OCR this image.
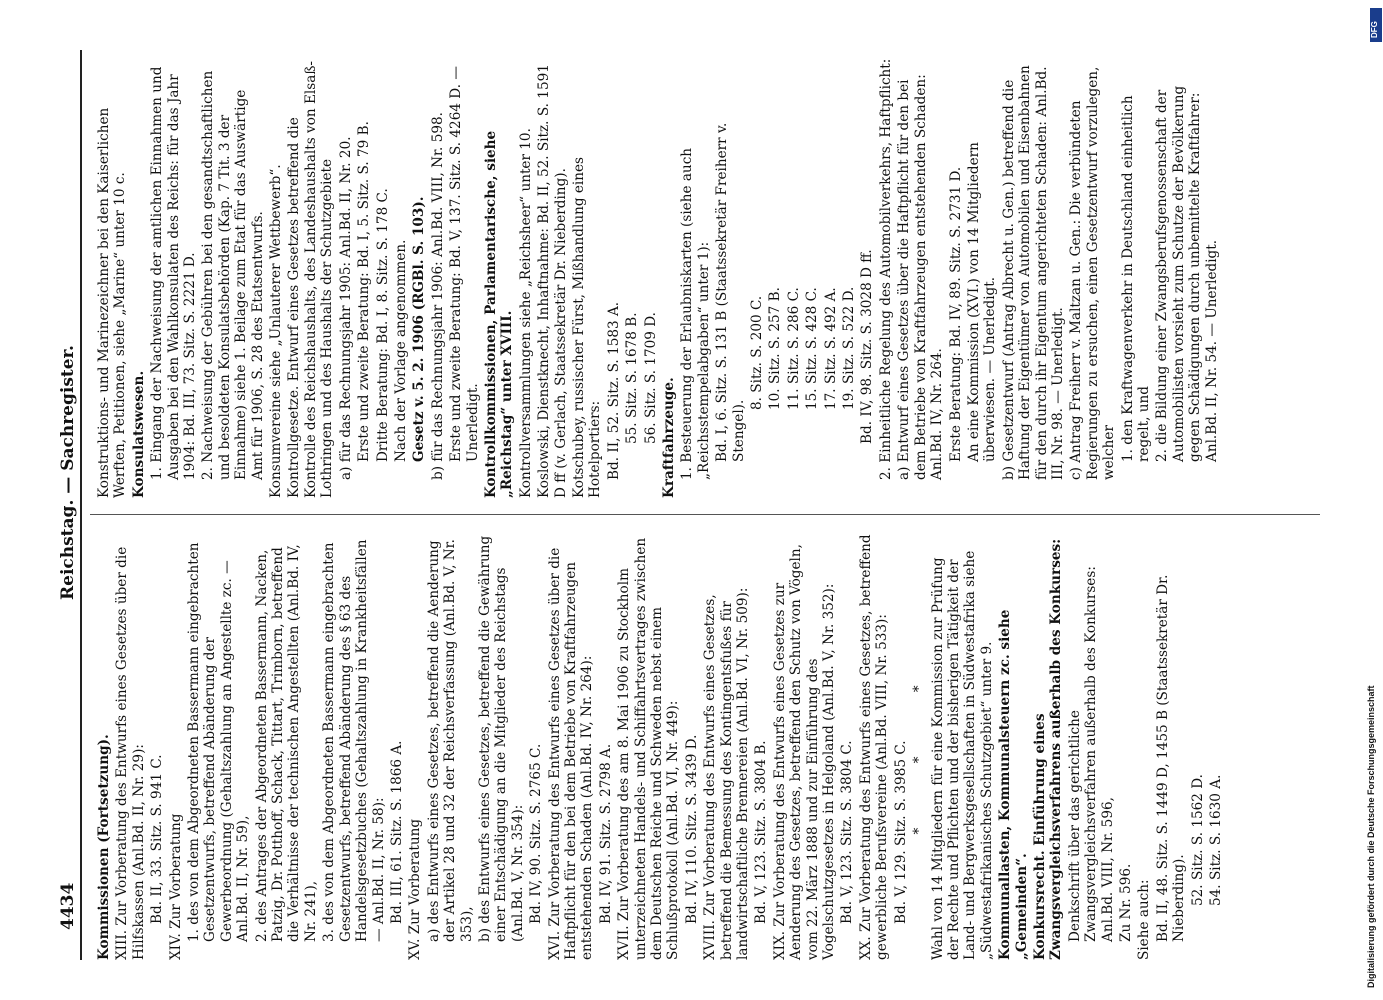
4434
Reichstag. — Sachregister.

Kommissionen (Fortsetzung). XIII. Zur Vorberatung des Entwurfs eines Gesetzes über die Hilfskassen (Anl.Bd. II, Nr. 29): Bd. II, 33. Sitz. S. 941 C. XIV. Zur Vorberatung 1. des von dem Abgeordneten Bassermann eingebrachten Gesetzentwurfs, betreffend Abänderung der Gewerbeordnung (Gehaltszahlung an Angestellte zc. — Anl.Bd. II, Nr. 59), 2. des Antrages der Abgeordneten Bassermann, Nacken, Patzig, Dr. Potthoff, Schack, Tittart, Trimborn, betreffend die Verhältnisse der technischen Angestellten (Anl.Bd. IV, Nr. 241), 3. des von dem Abgeordneten Bassermann eingebrachten Gesetzentwurfs, betreffend Abänderung des § 63 des Handelsgesetzbuches (Gehaltszahlung in Krankheitsfällen — Anl.Bd. II, Nr. 58): Bd. III, 61. Sitz. S. 1866 A. XV. Zur Vorberatung a) des Entwurfs eines Gesetzes, betreffend die Aenderung der Artikel 28 und 32 der Reichsverfassung (Anl.Bd. V, Nr. 353), b) des Entwurfs eines Gesetzes, betreffend die Gewährung einer Entschädigung an die Mitglieder des Reichstags (Anl.Bd. V, Nr. 354): Bd. IV, 90. Sitz. S. 2765 C. XVI. Zur Vorberatung des Entwurfs eines Gesetzes über die Haftpflicht für den bei dem Betriebe von Kraftfahrzeugen entstehenden Schaden (Anl.Bd. IV, Nr. 264): Bd. IV, 91. Sitz. S. 2798 A. XVII. Zur Vorberatung des am 8. Mai 1906 zu Stockholm unterzeichneten Handels- und Schiffahrtsvertrages zwischen dem Deutschen Reiche und Schweden nebst einem Schlußprotokoll (Anl.Bd. VI, Nr. 449): Bd. IV, 110. Sitz. S. 3439 D. XVIII. Zur Vorberatung des Entwurfs eines Gesetzes, betreffend die Bemessung des Kontingentsfußes für landwirtschaftliche Brennereien (Anl.Bd. VI, Nr. 509): Bd. V, 123. Sitz. S. 3804 B. XIX. Zur Vorberatung des Entwurfs eines Gesetzes zur Aenderung des Gesetzes, betreffend den Schutz von Vögeln, vom 22. März 1888 und zur Einführung des Vogelschutzgesetzes in Helgoland (Anl.Bd. V, Nr. 352): Bd. V, 123. Sitz. S. 3804 C. XX. Zur Vorberatung des Entwurfs eines Gesetzes, betreffend gewerbliche Berufsvereine (Anl.Bd. VIII, Nr. 533): Bd. V, 129. Sitz. S. 3985 C. * * * Wahl von 14 Mitgliedern für eine Kommission zur Prüfung der Rechte und Pflichten und der bisherigen Tätigkeit der Land- und Bergwerksgesellschaften in Südwestafrika siehe „Südwestafrikanisches Schutzgebiet“ unter 9. Kommunallasten, Kommunalsteuern zc. siehe „Gemeinden“. Konkursrecht. Einführung eines Zwangsvergleichsverfahrens außerhalb des Konkurses: Denkschrift über das gerichtliche Zwangsvergleichsverfahren außerhalb des Konkurses: Anl.Bd. VIII, Nr. 596, Zu Nr. 596. Siehe auch: Bd. II, 48. Sitz. S. 1449 D, 1455 B (Staatssekretär Dr. Nieberding). 52. Sitz. S. 1562 D. 54. Sitz. S. 1630 A.

Konstruktions- und Marinezeichner bei den Kaiserlichen Werften, Petitionen, siehe „Marine“ unter 10 c. Konsulatswesen. 1. Eingang der Nachweisung der amtlichen Einnahmen und Ausgaben bei den Wahlkonsulaten des Reichs: für das Jahr 1904: Bd. III, 73. Sitz. S. 2221 D. 2. Nachweisung der Gebühren bei den gesandtschaftlichen und besoldeten Konsulatsbehörden (Kap. 7 Tit. 3 der Einnahme) siehe 1. Beilage zum Etat für das Auswärtige Amt für 1906, S. 28 des Etatsentwurfs. Konsumvereine siehe „Unlauterer Wettbewerb“. Kontrollgesetze. Entwurf eines Gesetzes betreffend die Kontrolle des Reichshaushalts, des Landeshaushalts von Elsaß-Lothringen und des Haushalts der Schutzgebiete a) für das Rechnungsjahr 1905: Anl.Bd. II, Nr. 20. Erste und zweite Beratung: Bd. I, 5. Sitz. S. 79 B. Dritte Beratung: Bd. I, 8. Sitz. S. 178 C. Nach der Vorlage angenommen. Gesetz v. 5. 2. 1906 (RGBl. S. 103). b) für das Rechnungsjahr 1906: Anl.Bd. VIII, Nr. 598. Erste und zweite Beratung: Bd. V, 137. Sitz. S. 4264 D. — Unerledigt. Kontrollkommissionen, Parlamentarische, siehe „Reichstag“ unter XVIII. Kontrollversammlungen siehe „Reichsheer“ unter 10. Koslowski, Dienstknecht, Inhaftnahme: Bd. II, 52. Sitz. S. 1591 D ff (v. Gerlach, Staatssekretär Dr. Nieberding). Kotschubey, russischer Fürst, Mißhandlung eines Hotelportiers: Bd. II, 52. Sitz. S. 1583 A. 55. Sitz. S. 1678 B. 56. Sitz. S. 1709 D. Kraftfahrzeuge. 1. Besteuerung der Erlaubniskarten (siehe auch „Reichsstempelabgaben“ unter 1): Bd. I, 6. Sitz. S. 131 B (Staatssekretär Freiherr v. Stengel).

8. Sitz. S. 200 C. 10. Sitz. S. 257 B. 11. Sitz. S. 286 C. 15. Sitz. S. 428 C. 17. Sitz. S. 492 A. 19. Sitz. S. 522 D. Bd. IV, 98. Sitz. S. 3028 D ff. 2. Einheitliche Regelung des Automobilverkehrs, Haftpflicht: a) Entwurf eines Gesetzes über die Haftpflicht für den bei dem Betriebe von Kraftfahrzeugen entstehenden Schaden: Anl.Bd. IV, Nr. 264. Erste Beratung: Bd. IV, 89. Sitz. S. 2731 D. An eine Kommission (XVI.) von 14 Mitgliedern überwiesen. — Unerledigt. b) Gesetzentwurf (Antrag Albrecht u. Gen.) betreffend die Haftung der Eigentümer von Automobilen und Eisenbahnen für den durch ihr Eigentum angerichteten Schaden: Anl.Bd. III, Nr. 98. — Unerledigt. c) Antrag Freiherr v. Maltzan u. Gen.: Die verbündeten Regierungen zu ersuchen, einen Gesetzentwurf vorzulegen, welcher 1. den Kraftwagenverkehr in Deutschland einheitlich regelt, und 2. die Bildung einer Zwangsberufsgenossenschaft der Automobilisten vorsieht zum Schutze der Bevölkerung gegen Schädigungen durch unbemittelte Kraftfahrer: Anl.Bd. II, Nr. 54. — Unerledigt.

Digitalisierung gefördert durch die Deutsche Forschungsgemeinschaft
DFG
